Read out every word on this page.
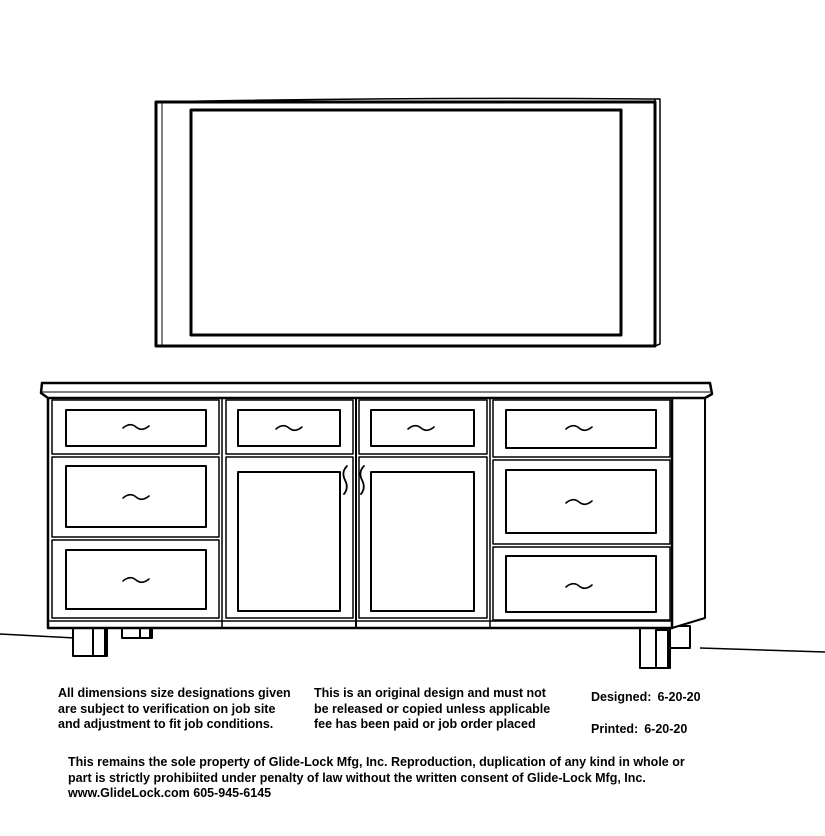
All dimensions size designations given are subject to verification on job site and adjustment to fit job conditions.
This is an original design and must not be released or copied unless applicable fee has been paid or job order placed
Designed: 6-20-20
Printed: 6-20-20
This remains the sole property of Glide-Lock Mfg, Inc. Reproduction, duplication of any kind in whole or
part is strictly prohibiited under penalty of law without the written consent of Glide-Lock Mfg, Inc.
www.GlideLock.com 605-945-6145
